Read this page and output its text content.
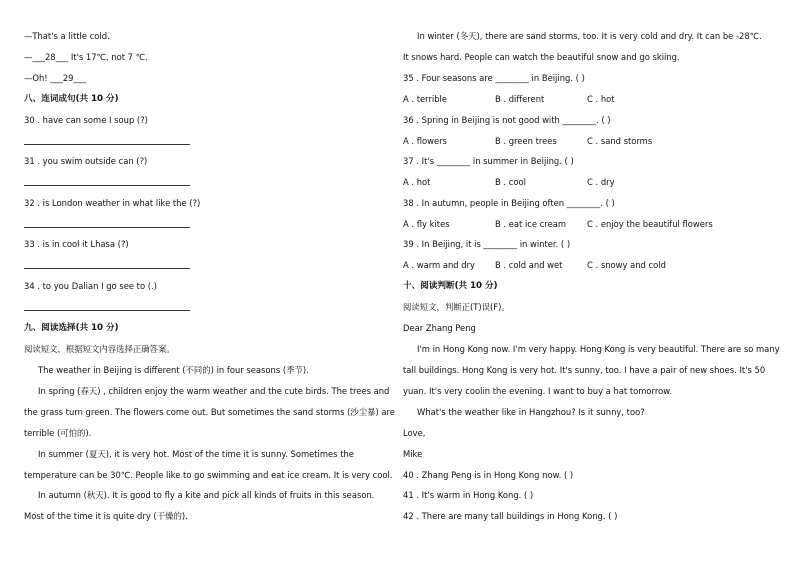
—That's a little cold.
—___28___ It's 17℃, not 7 ℃.
—Oh! ___29___
八、连词成句(共 10 分)
30 . have can some I soup (?)
31 . you swim outside can (?)
32 . is London weather in what like the (?)
33 . is in cool it Lhasa (?)
34 . to you Dalian I go see to (.)
九、阅读选择(共 10 分)
阅读短文，根据短文内容选择正确答案。
The weather in Beijing is different (不同的) in four seasons (季节).
In spring (春天) , children enjoy the warm weather and the cute birds. The trees and
the grass turn green. The flowers come out. But sometimes the sand storms (沙尘暴) are
terrible (可怕的).
In summer (夏天), it is very hot. Most of the time it is sunny. Sometimes the
temperature can be 30℃. People like to go swimming and eat ice cream. It is very cool.
In autumn (秋天). It is good to fly a kite and pick all kinds of fruits in this season.
Most of the time it is quite dry (干燥的).
In winter (冬天), there are sand storms, too. It is very cold and dry. It can be -28℃.
It snows hard. People can watch the beautiful snow and go skiing.
35 . Four seasons are ________ in Beijing. ( )
A . terrible	B . different	C . hot
36 . Spring in Beijing is not good with ________. ( )
A . flowers	B . green trees	C . sand storms
37 . It's ________ in summer in Beijing. ( )
A . hot	B . cool	C . dry
38 . In autumn, people in Beijing often ________. ( )
A . fly kites	B . eat ice cream C . enjoy the beautiful flowers
39 . In Beijing, it is ________ in winter. ( )
A . warm and dry B . cold and wet	C . snowy and cold
十、阅读判断(共 10 分)
阅读短文，判断正(T)误(F)。
Dear Zhang Peng
I'm in Hong Kong now. I'm very happy. Hong Kong is very beautiful. There are so many
tall buildings. Hong Kong is very hot. It's sunny, too. I have a pair of new shoes. It's 50
yuan. It's very coolin the evening. I want to buy a hat tomorrow.
What's the weather like in Hangzhou? Is it sunny, too?
Love,
Mike
40 . Zhang Peng is in Hong Kong now. ( )
41 . It's warm in Hong Kong. ( )
42 . There are many tall buildings in Hong Kong. ( )
